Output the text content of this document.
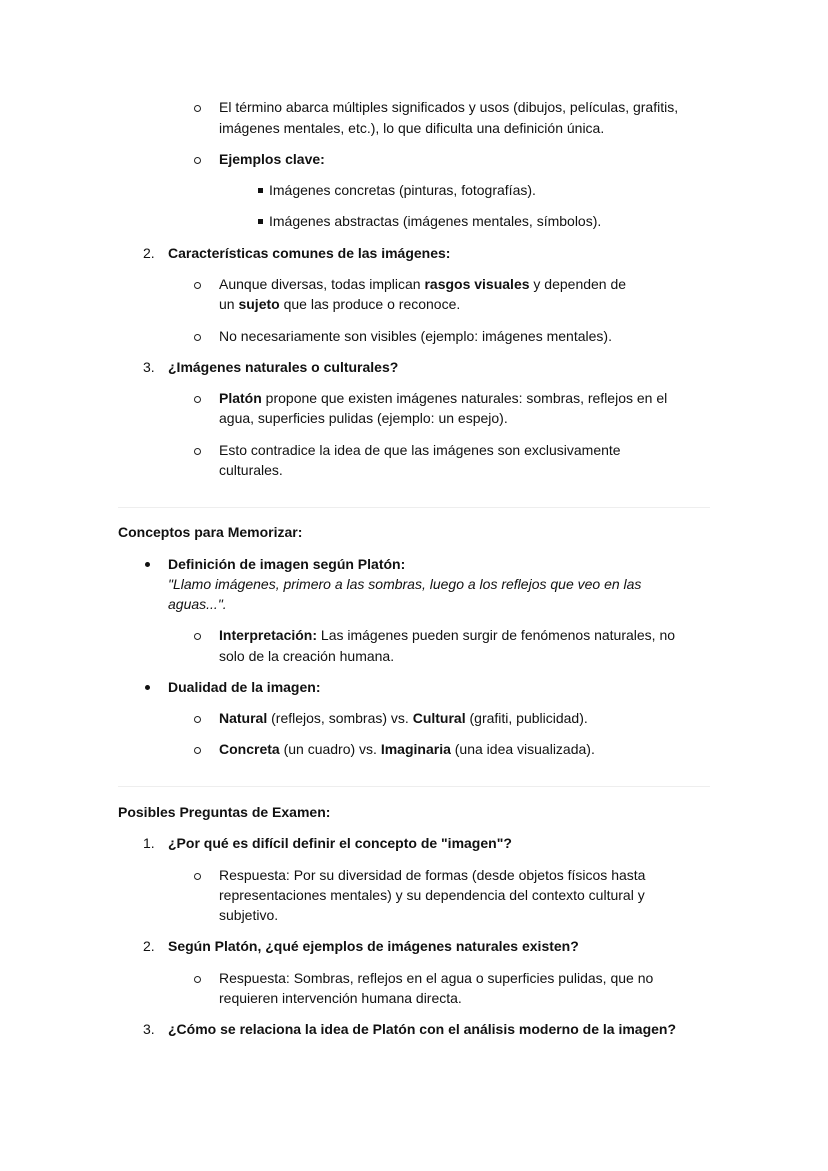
El término abarca múltiples significados y usos (dibujos, películas, grafitis,
imágenes mentales, etc.), lo que dificulta una definición única.
Ejemplos clave:
Imágenes concretas (pinturas, fotografías).
Imágenes abstractas (imágenes mentales, símbolos).
2. Características comunes de las imágenes:
Aunque diversas, todas implican rasgos visuales y dependen de
un sujeto que las produce o reconoce.
No necesariamente son visibles (ejemplo: imágenes mentales).
3. ¿Imágenes naturales o culturales?
Platón propone que existen imágenes naturales: sombras, reflejos en el
agua, superficies pulidas (ejemplo: un espejo).
Esto contradice la idea de que las imágenes son exclusivamente
culturales.
Conceptos para Memorizar:
Definición de imagen según Platón:
"Llamo imágenes, primero a las sombras, luego a los reflejos que veo en las
aguas...".
Interpretación: Las imágenes pueden surgir de fenómenos naturales, no
solo de la creación humana.
Dualidad de la imagen:
Natural (reflejos, sombras) vs. Cultural (grafiti, publicidad).
Concreta (un cuadro) vs. Imaginaria (una idea visualizada).
Posibles Preguntas de Examen:
1. ¿Por qué es difícil definir el concepto de "imagen"?
Respuesta: Por su diversidad de formas (desde objetos físicos hasta
representaciones mentales) y su dependencia del contexto cultural y
subjetivo.
2. Según Platón, ¿qué ejemplos de imágenes naturales existen?
Respuesta: Sombras, reflejos en el agua o superficies pulidas, que no
requieren intervención humana directa.
3. ¿Cómo se relaciona la idea de Platón con el análisis moderno de la imagen?
